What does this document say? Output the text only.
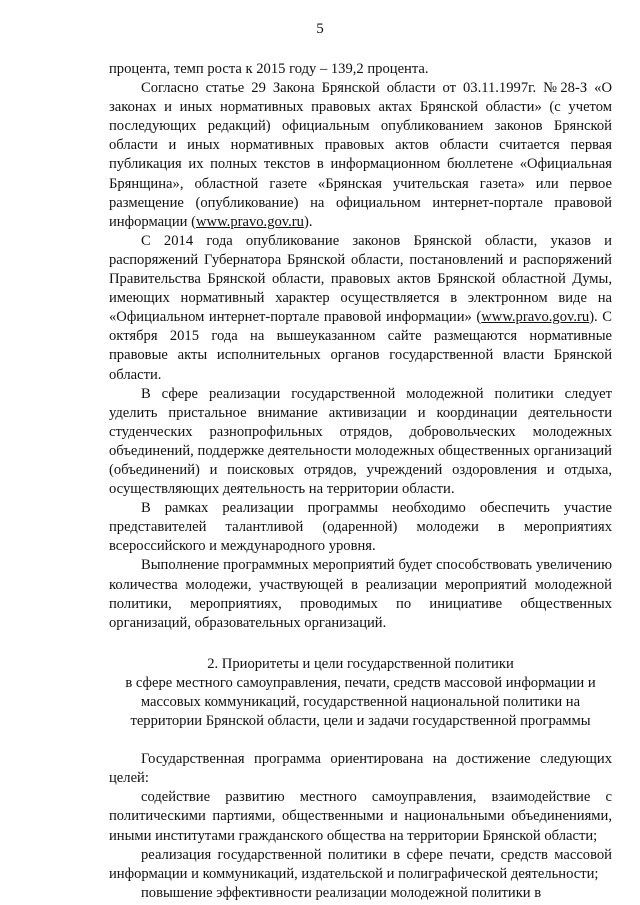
5

процента, темп роста к 2015 году – 139,2 процента.

Согласно статье 29 Закона Брянской области от 03.11.1997г. №28-З «О законах и иных нормативных правовых актах Брянской области» (с учетом последующих редакций) официальным опубликованием законов Брянской области и иных нормативных правовых актов области считается первая публикация их полных текстов в информационном бюллетене «Официальная Брянщина», областной газете «Брянская учительская газета» или первое размещение (опубликование) на официальном интернет-портале правовой информации (www.pravo.gov.ru).

С 2014 года опубликование законов Брянской области, указов и распоряжений Губернатора Брянской области, постановлений и распоряжений Правительства Брянской области, правовых актов Брянской областной Думы, имеющих нормативный характер осуществляется в электронном виде на «Официальном интернет-портале правовой информации» (www.pravo.gov.ru). С октября 2015 года на вышеуказанном сайте размещаются нормативные правовые акты исполнительных органов государственной власти Брянской области.

В сфере реализации государственной молодежной политики следует уделить пристальное внимание активизации и координации деятельности студенческих разнопрофильных отрядов, добровольческих молодежных объединений, поддержке деятельности молодежных общественных организаций (объединений) и поисковых отрядов, учреждений оздоровления и отдыха, осуществляющих деятельность на территории области.

В рамках реализации программы необходимо обеспечить участие представителей талантливой (одаренной) молодежи в мероприятиях всероссийского и международного уровня.

Выполнение программных мероприятий будет способствовать увеличению количества молодежи, участвующей в реализации мероприятий молодежной политики, мероприятиях, проводимых по инициативе общественных организаций, образовательных организаций.

2. Приоритеты и цели государственной политики
в сфере местного самоуправления, печати, средств массовой информации и
массовых коммуникаций, государственной национальной политики на
территории Брянской области, цели и задачи государственной программы

Государственная программа ориентирована на достижение следующих целей:

содействие развитию местного самоуправления, взаимодействие с политическими партиями, общественными и национальными объединениями, иными институтами гражданского общества на территории Брянской области;

реализация государственной политики в сфере печати, средств массовой информации и коммуникаций, издательской и полиграфической деятельности;

повышение эффективности реализации молодежной политики в
